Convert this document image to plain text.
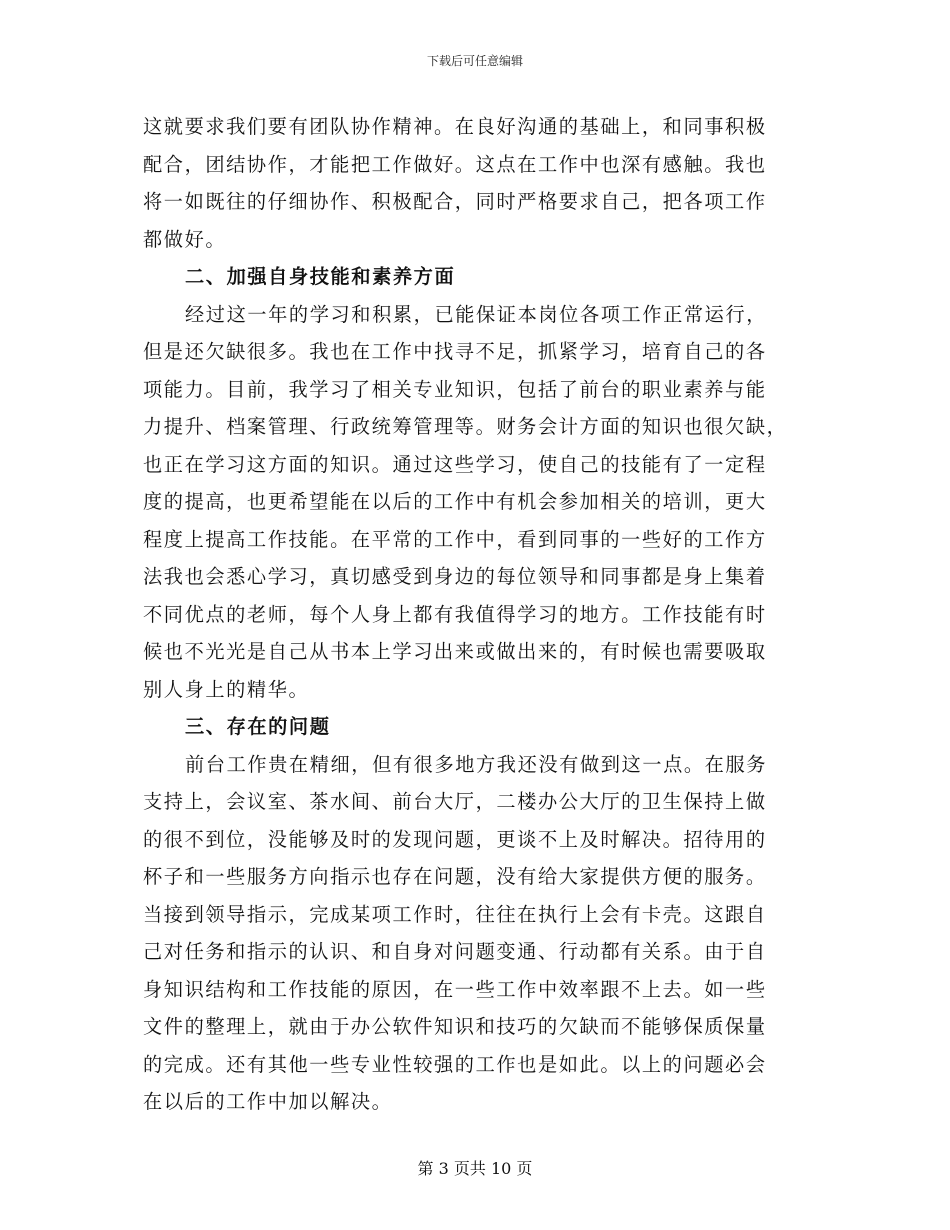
下载后可任意编辑
这就要求我们要有团队协作精神。在良好沟通的基础上，和同事积极
配合，团结协作，才能把工作做好。这点在工作中也深有感触。我也
将一如既往的仔细协作、积极配合，同时严格要求自己，把各项工作
都做好。
二、加强自身技能和素养方面
经过这一年的学习和积累，已能保证本岗位各项工作正常运行，
但是还欠缺很多。我也在工作中找寻不足，抓紧学习，培育自己的各
项能力。目前，我学习了相关专业知识，包括了前台的职业素养与能
力提升、档案管理、行政统筹管理等。财务会计方面的知识也很欠缺，
也正在学习这方面的知识。通过这些学习，使自己的技能有了一定程
度的提高，也更希望能在以后的工作中有机会参加相关的培训，更大
程度上提高工作技能。在平常的工作中，看到同事的一些好的工作方
法我也会悉心学习，真切感受到身边的每位领导和同事都是身上集着
不同优点的老师，每个人身上都有我值得学习的地方。工作技能有时
候也不光光是自己从书本上学习出来或做出来的，有时候也需要吸取
别人身上的精华。
三、存在的问题
前台工作贵在精细，但有很多地方我还没有做到这一点。在服务
支持上，会议室、茶水间、前台大厅，二楼办公大厅的卫生保持上做
的很不到位，没能够及时的发现问题，更谈不上及时解决。招待用的
杯子和一些服务方向指示也存在问题，没有给大家提供方便的服务。
当接到领导指示，完成某项工作时，往往在执行上会有卡壳。这跟自
己对任务和指示的认识、和自身对问题变通、行动都有关系。由于自
身知识结构和工作技能的原因，在一些工作中效率跟不上去。如一些
文件的整理上，就由于办公软件知识和技巧的欠缺而不能够保质保量
的完成。还有其他一些专业性较强的工作也是如此。以上的问题必会
在以后的工作中加以解决。
第 3 页共 10 页
